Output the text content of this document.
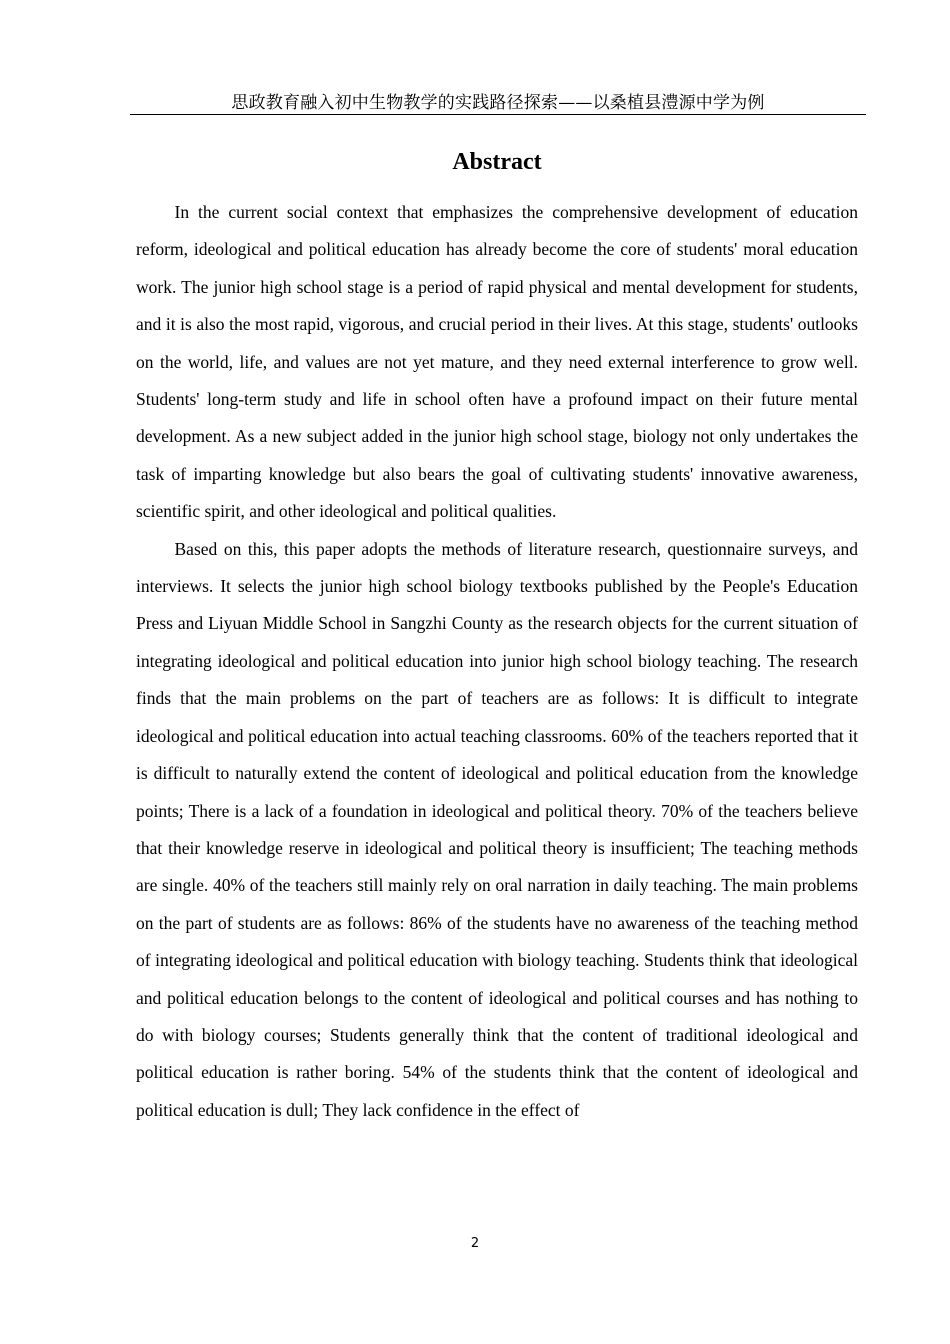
思政教育融入初中生物教学的实践路径探索——以桑植县澧源中学为例
Abstract

In the current social context that emphasizes the comprehensive development of education reform, ideological and political education has already become the core of students' moral education work. The junior high school stage is a period of rapid physical and mental development for students, and it is also the most rapid, vigorous, and crucial period in their lives. At this stage, students' outlooks on the world, life, and values are not yet mature, and they need external interference to grow well. Students' long-term study and life in school often have a profound impact on their future mental development. As a new subject added in the junior high school stage, biology not only undertakes the task of imparting knowledge but also bears the goal of cultivating students' innovative awareness, scientific spirit, and other ideological and political qualities.

Based on this, this paper adopts the methods of literature research, questionnaire surveys, and interviews. It selects the junior high school biology textbooks published by the People's Education Press and Liyuan Middle School in Sangzhi County as the research objects for the current situation of integrating ideological and political education into junior high school biology teaching. The research finds that the main problems on the part of teachers are as follows: It is difficult to integrate ideological and political education into actual teaching classrooms. 60% of the teachers reported that it is difficult to naturally extend the content of ideological and political education from the knowledge points; There is a lack of a foundation in ideological and political theory. 70% of the teachers believe that their knowledge reserve in ideological and political theory is insufficient; The teaching methods are single. 40% of the teachers still mainly rely on oral narration in daily teaching. The main problems on the part of students are as follows: 86% of the students have no awareness of the teaching method of integrating ideological and political education with biology teaching. Students think that ideological and political education belongs to the content of ideological and political courses and has nothing to do with biology courses; Students generally think that the content of traditional ideological and political education is rather boring. 54% of the students think that the content of ideological and political education is dull; They lack confidence in the effect of

2
